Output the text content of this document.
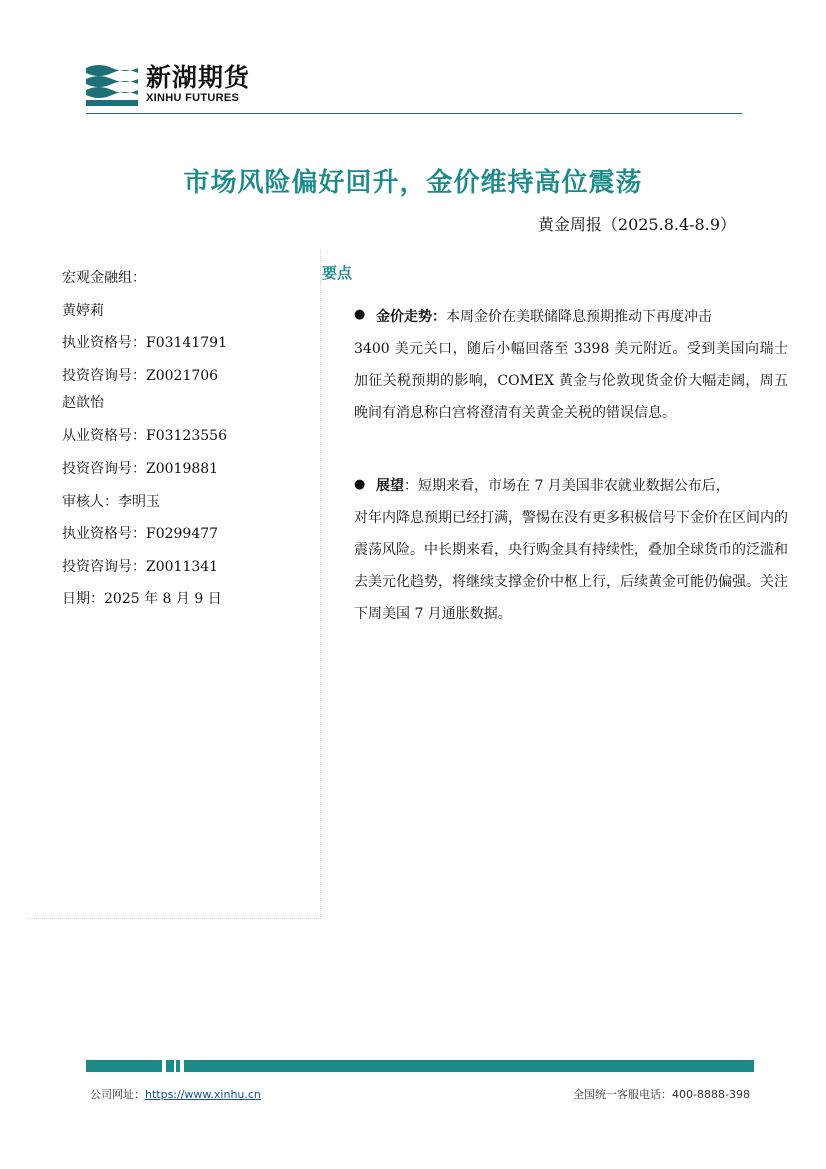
新湖期货
XINHU FUTURES
市场风险偏好回升，金价维持高位震荡
黄金周报（2025.8.4-8.9）
宏观金融组：
黄婷莉
执业资格号：F03141791
投资咨询号：Z0021706
赵歆怡
从业资格号：F03123556
投资咨询号：Z0019881
审核人：李明玉
执业资格号：F0299477
投资咨询号：Z0011341
日期：2025 年 8 月 9 日
要点
● 金价走势：本周金价在美联储降息预期推动下再度冲击
3400 美元关口，随后小幅回落至 3398 美元附近。受到美国向瑞士加征关税预期的影响，COMEX 黄金与伦敦现货金价大幅走阔，周五晚间有消息称白宫将澄清有关黄金关税的错误信息。
● 展望：短期来看，市场在 7 月美国非农就业数据公布后，
对年内降息预期已经打满，警惕在没有更多积极信号下金价在区间内的震荡风险。中长期来看，央行购金具有持续性，叠加全球货币的泛滥和去美元化趋势，将继续支撑金价中枢上行，后续黄金可能仍偏强。关注下周美国 7 月通胀数据。
公司网址：https://www.xinhu.cn	全国统一客服电话：400-8888-398
